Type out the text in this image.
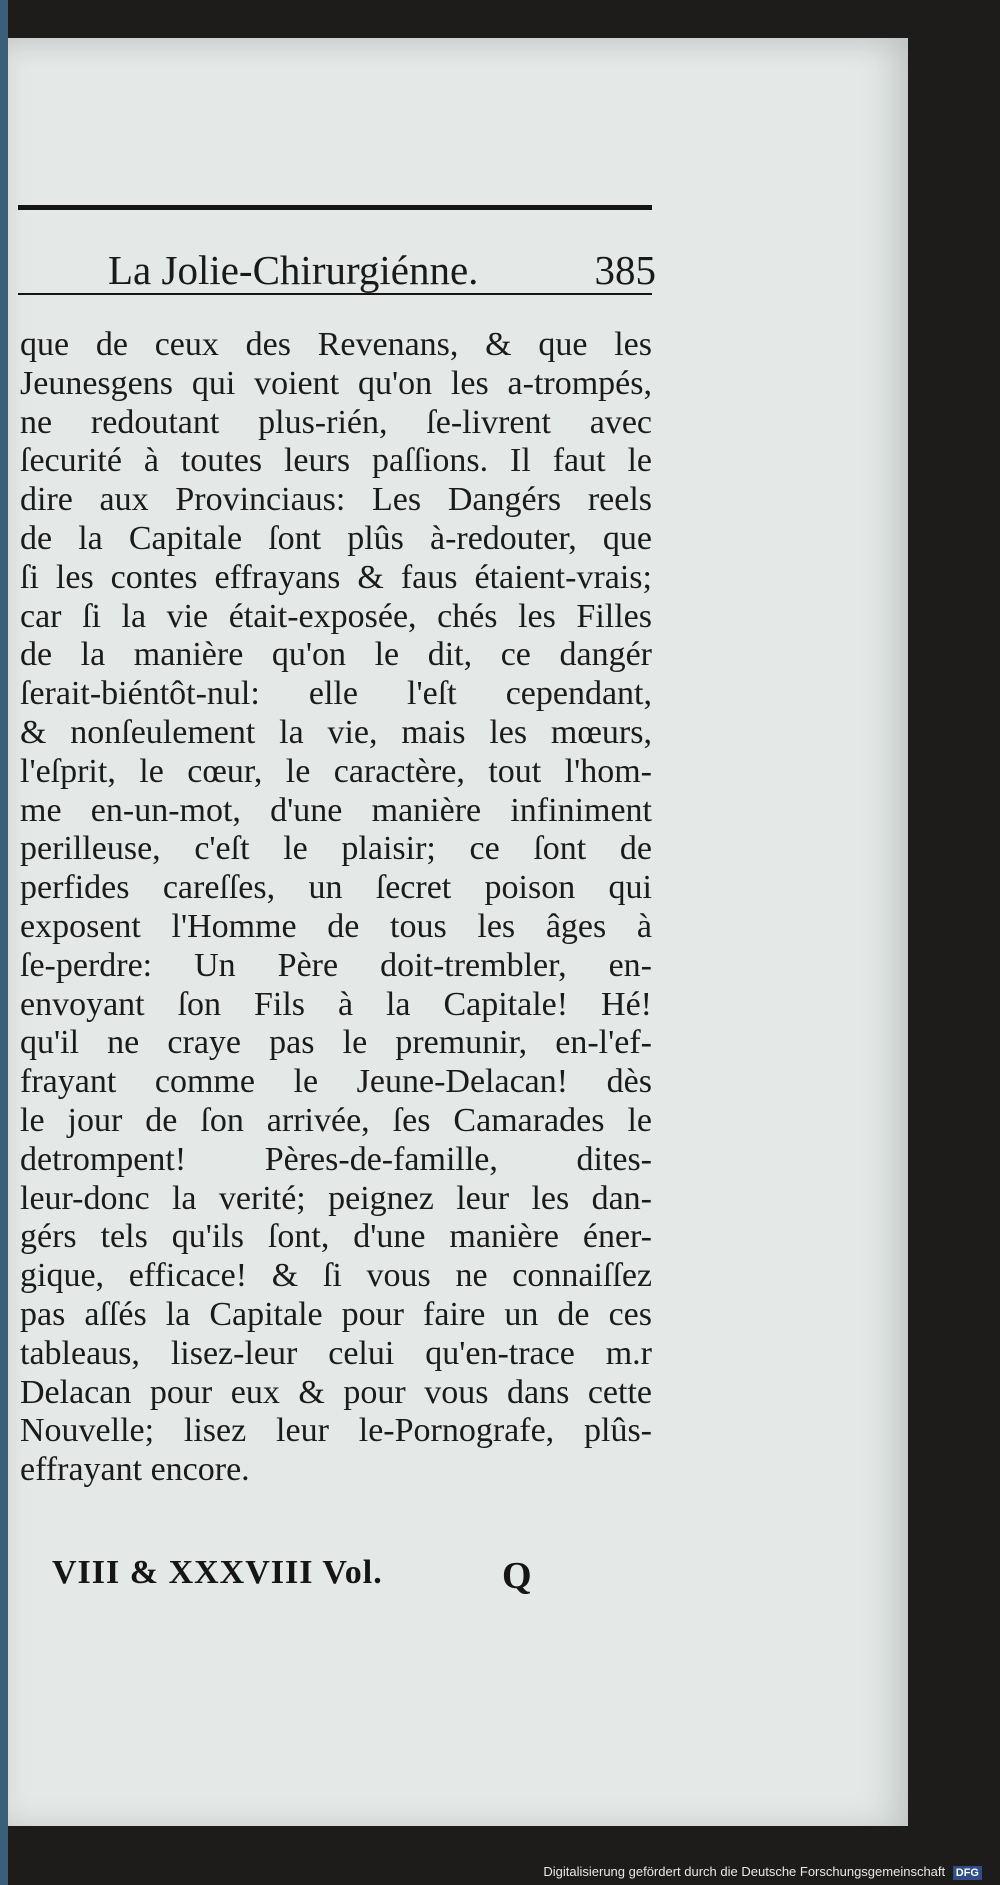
La Jolie-Chirurgiénne.	385
que de ceux des Revenans, & que les
Jeunesgens qui voient qu'on les a-trompés,
ne redoutant plus-rién, ſe-livrent avec
ſecurité à toutes leurs paſſions. Il faut le
dire aux Provinciaus: Les Dangérs reels
de la Capitale ſont plûs à-redouter, que
ſi les contes effrayans & faus étaient-vrais;
car ſi la vie était-exposée, chés les Filles
de la manière qu'on le dit, ce dangér
ſerait-biéntôt-nul: elle l'eſt cependant,
& nonſeulement la vie, mais les mœurs,
l'eſprit, le cœur, le caractère, tout l'hom-
me en-un-mot, d'une manière infiniment
perilleuse, c'eſt le plaisir; ce ſont de
perfides careſſes, un ſecret poison qui
exposent l'Homme de tous les âges à
ſe-perdre: Un Père doit-trembler, en-
envoyant ſon Fils à la Capitale! Hé!
qu'il ne craye pas le premunir, en-l'ef-
frayant comme le Jeune-Delacan! dès
le jour de ſon arrivée, ſes Camarades le
detrompent! Pères-de-famille, dites-
leur-donc la verité; peignez leur les dan-
gérs tels qu'ils ſont, d'une manière éner-
gique, efficace! & ſi vous ne connaiſſez
pas aſſés la Capitale pour faire un de ces
tableaus, lisez-leur celui qu'en-trace m.r
Delacan pour eux & pour vous dans cette
Nouvelle; lisez leur le-Pornografe, plûs-
effrayant encore.
VIII & XXXVIII Vol.	Q
Digitalisierung gefördert durch die Deutsche Forschungsgemeinschaft DFG
